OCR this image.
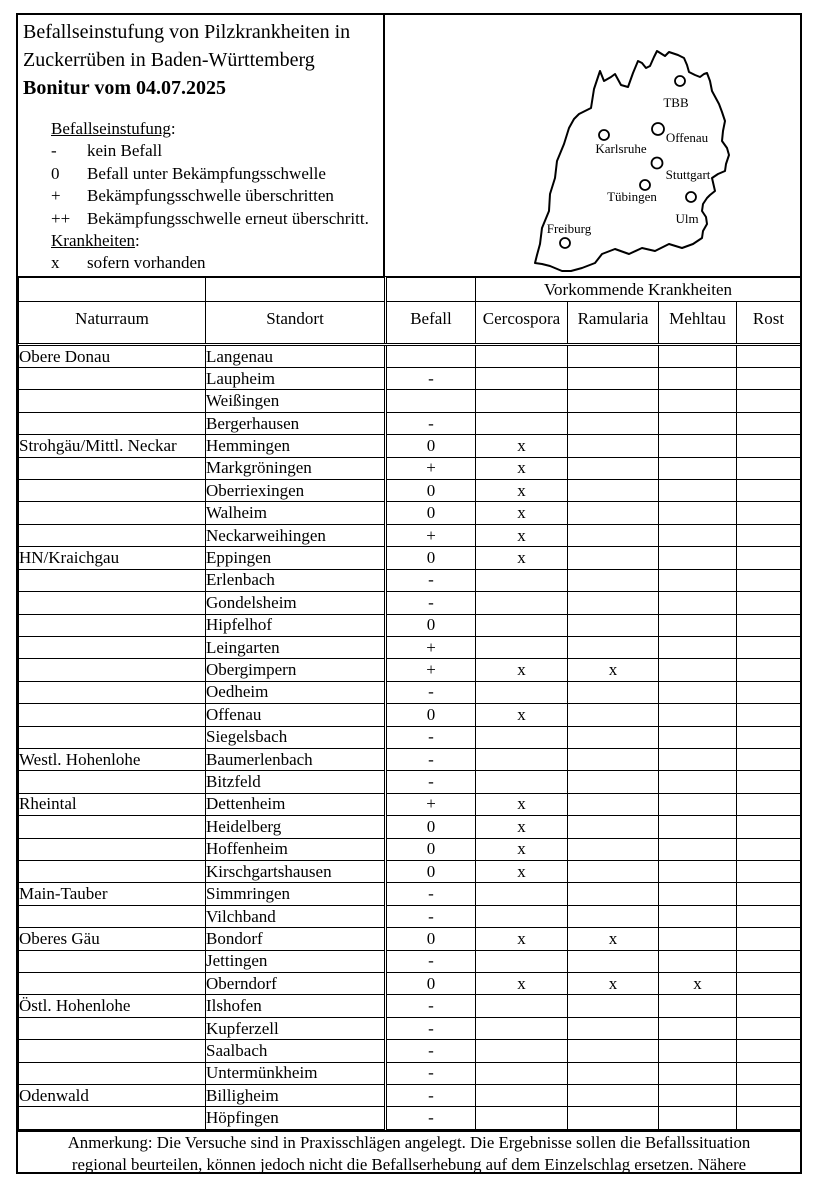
Befallseinstufung von Pilzkrankheiten in
Zuckerrüben in Baden-Württemberg
Bonitur vom 04.07.2025
Befallseinstufung:
-	kein Befall
0	Befall unter Bekämpfungsschwelle
+	Bekämpfungsschwelle überschritten
++ Bekämpfungsschwelle erneut überschritt.
Krankheiten:
x	sofern vorhanden
TBB
Offenau
Karlsruhe
Stuttgart
Tübingen
Ulm
Freiburg
			Vorkommende Krankheiten			
Naturraum	Standort	Befall	Cercospora	Ramularia	Mehltau	Rost
Obere Donau	Langenau					
	Laupheim	-				
	Weißingen					
	Bergerhausen	-				
Strohgäu/Mittl. Neckar	Hemmingen	0	x			
	Markgröningen	+	x			
	Oberriexingen	0	x			
	Walheim	0	x			
	Neckarweihingen	+	x			
HN/Kraichgau	Eppingen	0	x			
	Erlenbach	-				
	Gondelsheim	-				
	Hipfelhof	0				
	Leingarten	+				
	Obergimpern	+	x	x		
	Oedheim	-				
	Offenau	0	x			
	Siegelsbach	-				
Westl. Hohenlohe	Baumerlenbach	-				
	Bitzfeld	-				
Rheintal	Dettenheim	+	x			
	Heidelberg	0	x			
	Hoffenheim	0	x			
	Kirschgartshausen	0	x			
Main-Tauber	Simmringen	-				
	Vilchband	-				
Oberes Gäu	Bondorf	0	x	x		
	Jettingen	-				
	Oberndorf	0	x	x	x	
Östl. Hohenlohe	Ilshofen	-				
	Kupferzell	-				
	Saalbach	-				
	Untermünkheim	-				
Odenwald	Billigheim	-				
	Höpfingen	-				
Anmerkung: Die Versuche sind in Praxisschlägen angelegt. Die Ergebnisse sollen die Befallssituation
regional beurteilen, können jedoch nicht die Befallserhebung auf dem Einzelschlag ersetzen. Nähere
